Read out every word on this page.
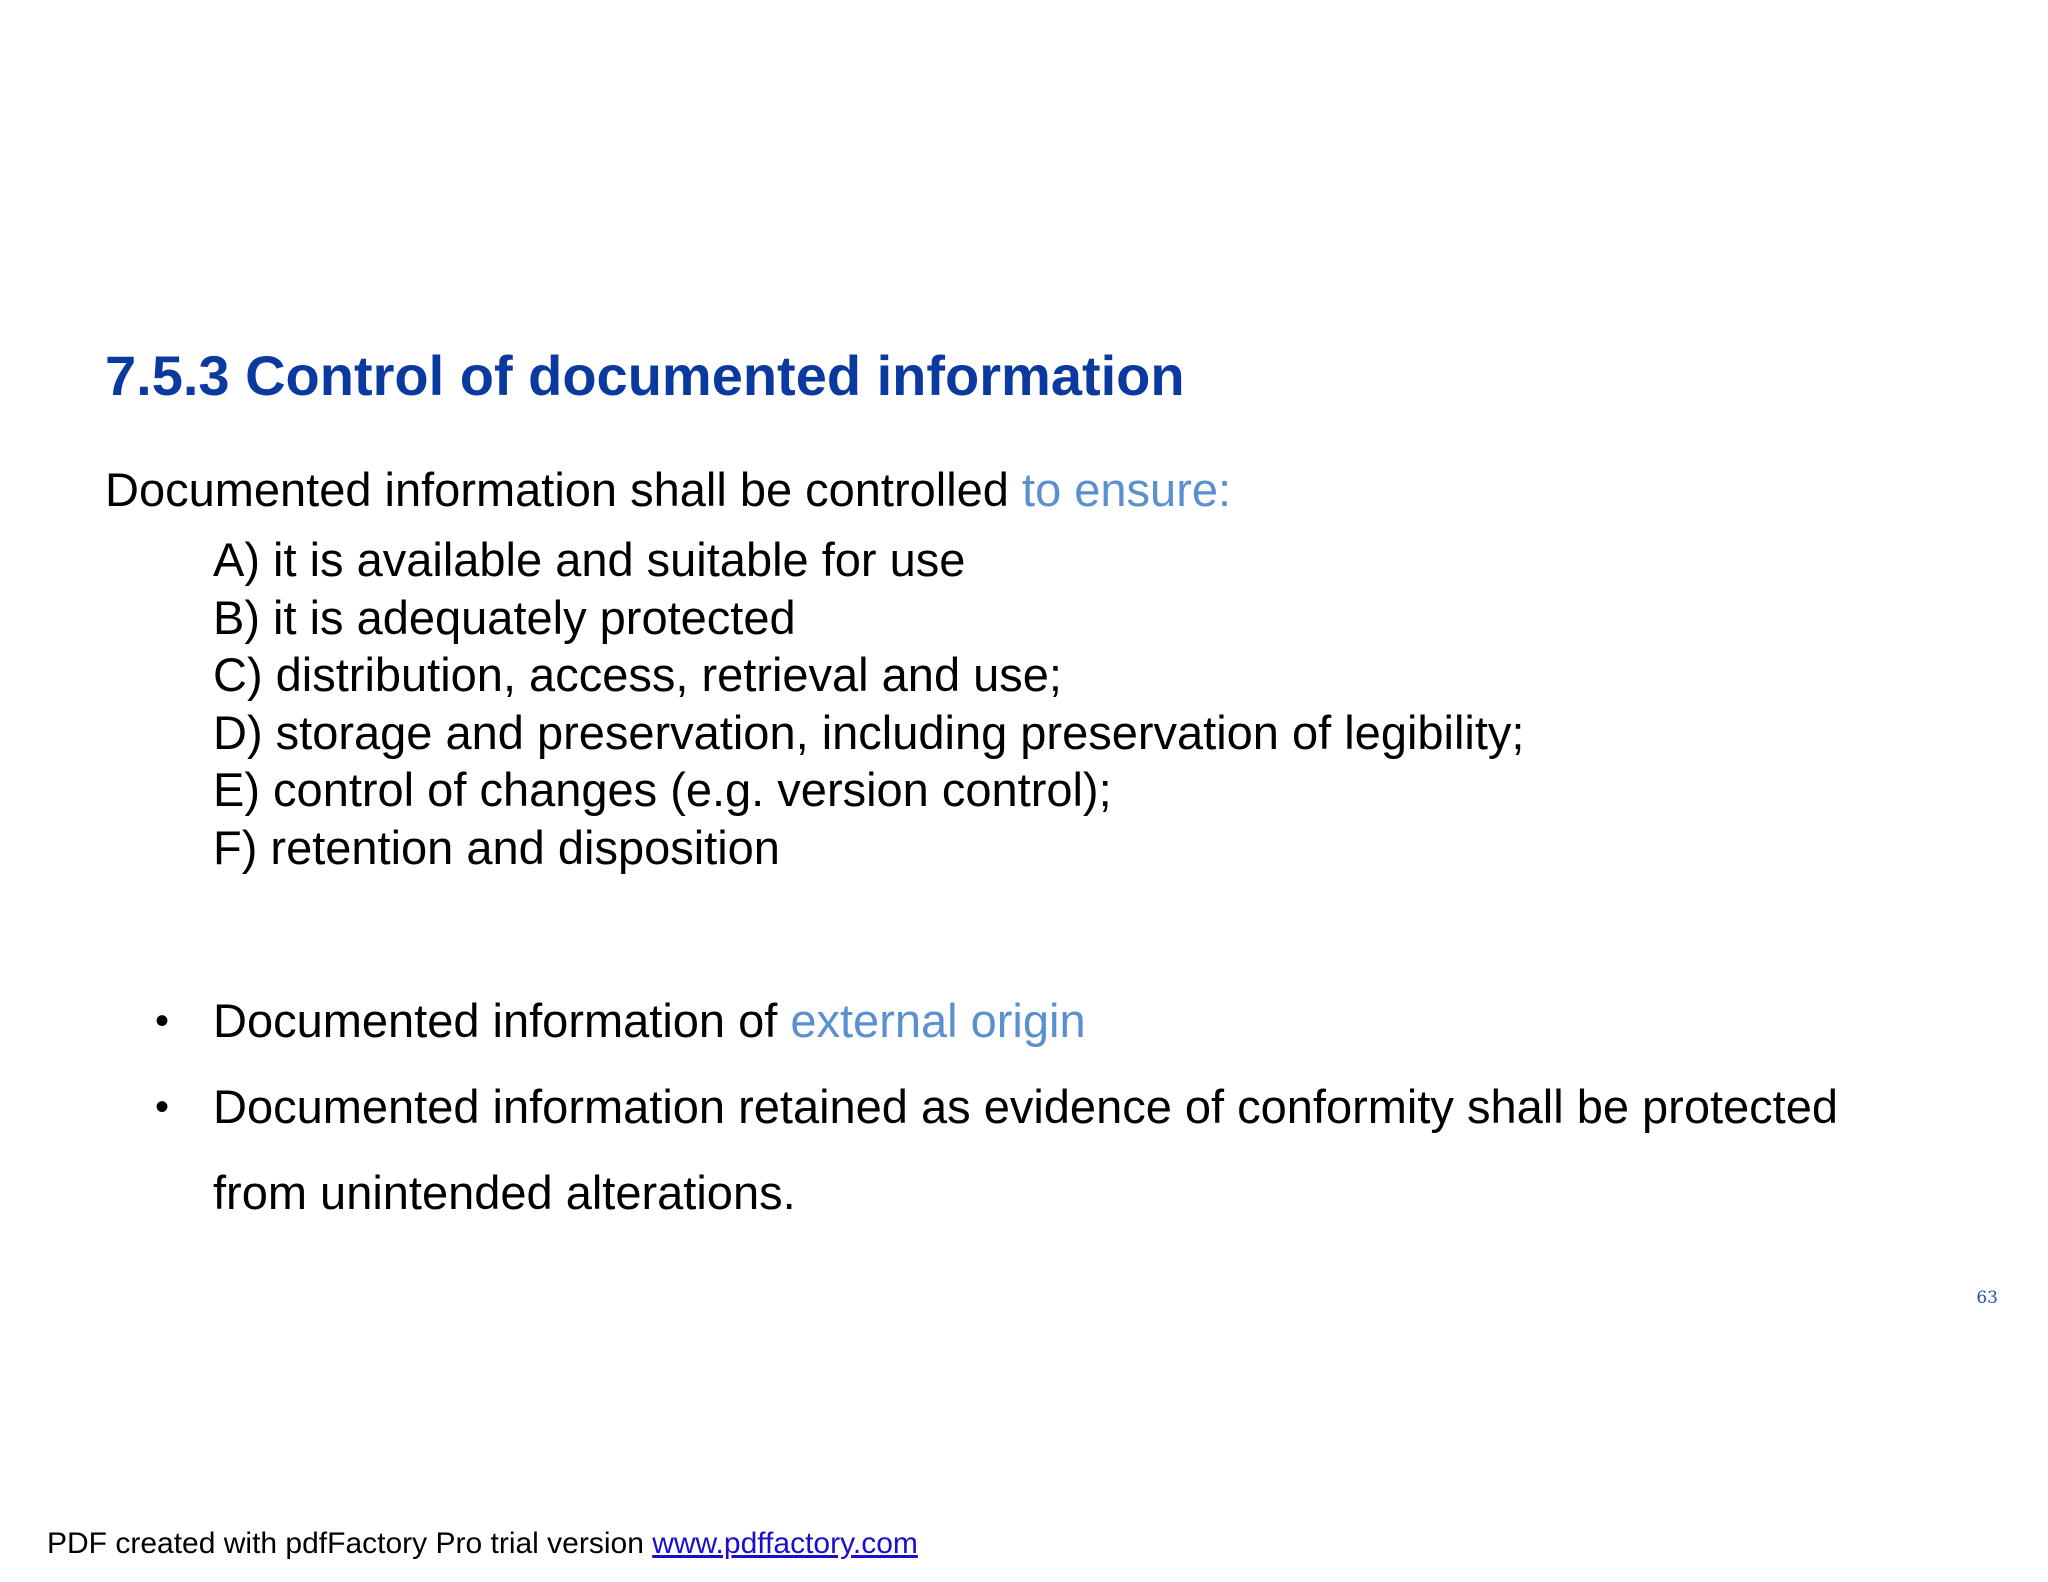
7.5.3 Control of documented information

Documented information shall be controlled to ensure:

A) it is available and suitable for use
B) it is adequately protected
C) distribution, access, retrieval and use;
D) storage and preservation, including preservation of legibility;
E) control of changes (e.g. version control);
F) retention and disposition
• Documented information of external origin
• Documented information retained as evidence of conformity shall be protected from unintended alterations.
63
PDF created with pdfFactory Pro trial version www.pdffactory.com
